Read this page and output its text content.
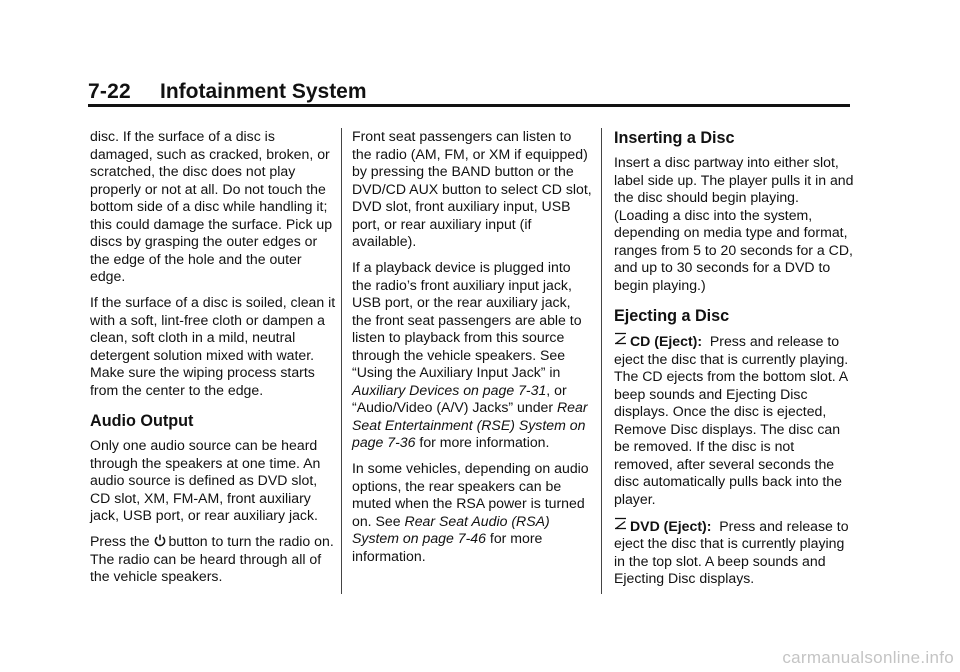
7-22 Infotainment System

disc. If the surface of a disc is damaged, such as cracked, broken, or scratched, the disc does not play properly or not at all. Do not touch the bottom side of a disc while handling it; this could damage the surface. Pick up discs by grasping the outer edges or the edge of the hole and the outer edge.

If the surface of a disc is soiled, clean it with a soft, lint-free cloth or dampen a clean, soft cloth in a mild, neutral detergent solution mixed with water. Make sure the wiping process starts from the center to the edge.

Audio Output

Only one audio source can be heard through the speakers at one time. An audio source is defined as DVD slot, CD slot, XM, FM-AM, front auxiliary jack, USB port, or rear auxiliary jack.

Press the button to turn the radio on. The radio can be heard through all of the vehicle speakers.

Front seat passengers can listen to the radio (AM, FM, or XM if equipped) by pressing the BAND button or the DVD/CD AUX button to select CD slot, DVD slot, front auxiliary input, USB port, or rear auxiliary input (if available).

If a playback device is plugged into the radio’s front auxiliary input jack, USB port, or the rear auxiliary jack, the front seat passengers are able to listen to playback from this source through the vehicle speakers. See “Using the Auxiliary Input Jack” in Auxiliary Devices on page 7-31, or “Audio/Video (A/V) Jacks” under Rear Seat Entertainment (RSE) System on page 7-36 for more information.

In some vehicles, depending on audio options, the rear speakers can be muted when the RSA power is turned on. See Rear Seat Audio (RSA) System on page 7-46 for more information.

Inserting a Disc

Insert a disc partway into either slot, label side up. The player pulls it in and the disc should begin playing. (Loading a disc into the system, depending on media type and format, ranges from 5 to 20 seconds for a CD, and up to 30 seconds for a DVD to begin playing.)

Ejecting a Disc

CD (Eject):  Press and release to eject the disc that is currently playing. The CD ejects from the bottom slot. A beep sounds and Ejecting Disc displays. Once the disc is ejected, Remove Disc displays. The disc can be removed. If the disc is not removed, after several seconds the disc automatically pulls back into the player.

DVD (Eject):  Press and release to eject the disc that is currently playing in the top slot. A beep sounds and Ejecting Disc displays.

carmanualsonline.info
